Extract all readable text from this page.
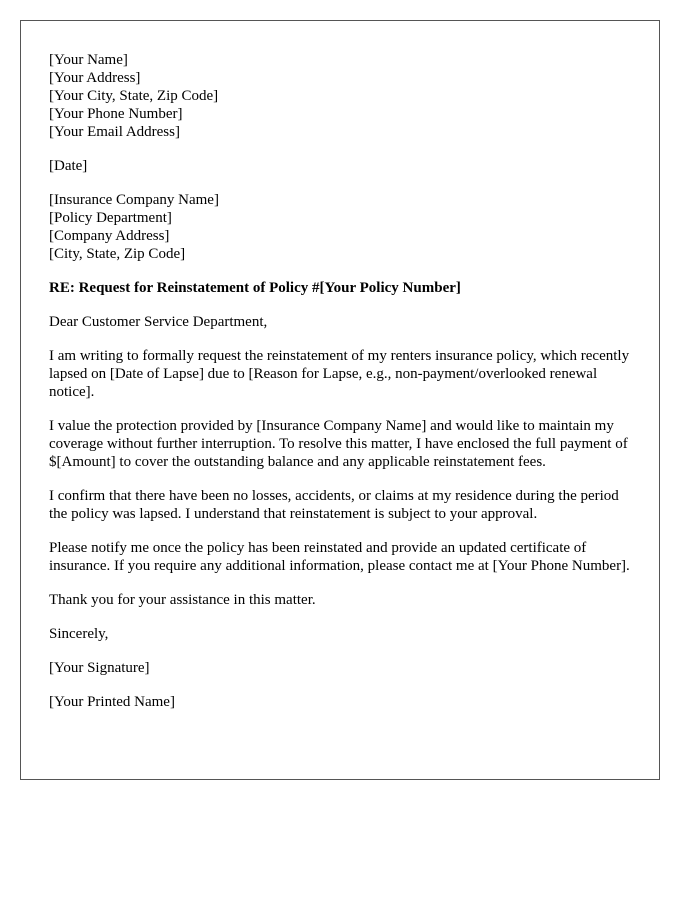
[Your Name]
[Your Address]
[Your City, State, Zip Code]
[Your Phone Number]
[Your Email Address]
[Date]
[Insurance Company Name]
[Policy Department]
[Company Address]
[City, State, Zip Code]
RE: Request for Reinstatement of Policy #[Your Policy Number]
Dear Customer Service Department,

I am writing to formally request the reinstatement of my renters insurance policy, which recently lapsed on [Date of Lapse] due to [Reason for Lapse, e.g., non-payment/overlooked renewal notice].

I value the protection provided by [Insurance Company Name] and would like to maintain my coverage without further interruption. To resolve this matter, I have enclosed the full payment of $[Amount] to cover the outstanding balance and any applicable reinstatement fees.

I confirm that there have been no losses, accidents, or claims at my residence during the period the policy was lapsed. I understand that reinstatement is subject to your approval.

Please notify me once the policy has been reinstated and provide an updated certificate of insurance. If you require any additional information, please contact me at [Your Phone Number].

Thank you for your assistance in this matter.

Sincerely,
[Your Signature]
[Your Printed Name]
